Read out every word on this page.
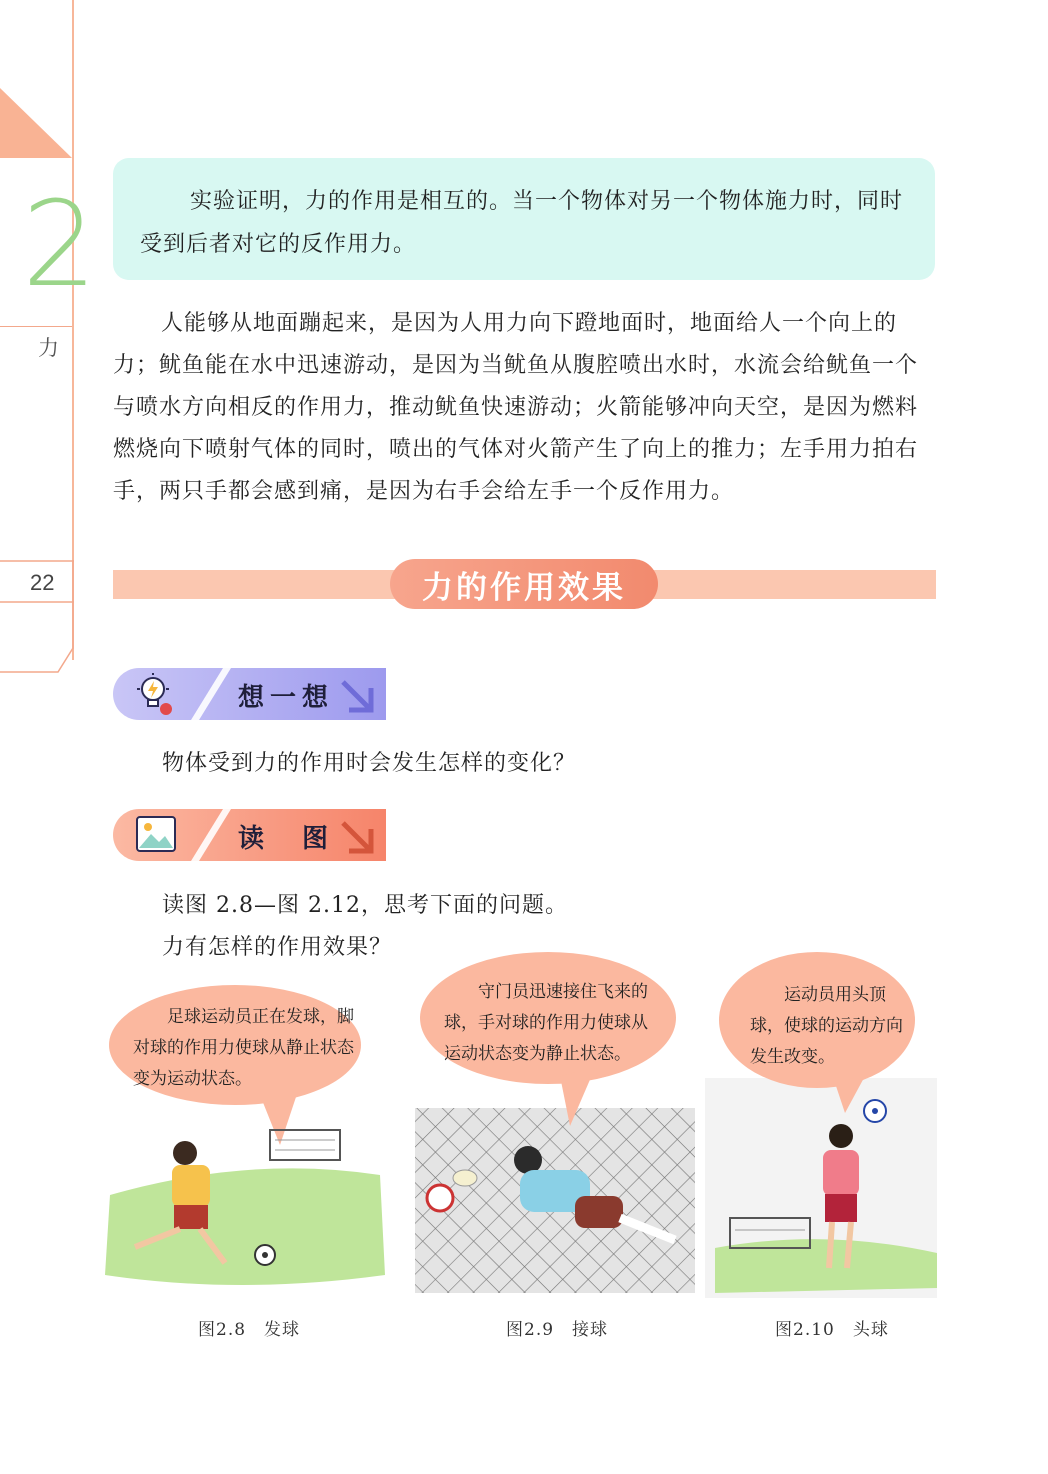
2
力
22
实验证明，力的作用是相互的。当一个物体对另一个物体施力时，同时受到后者对它的反作用力。
人能够从地面蹦起来，是因为人用力向下蹬地面时，地面给人一个向上的力；鱿鱼能在水中迅速游动，是因为当鱿鱼从腹腔喷出水时，水流会给鱿鱼一个与喷水方向相反的作用力，推动鱿鱼快速游动；火箭能够冲向天空，是因为燃料燃烧向下喷射气体的同时，喷出的气体对火箭产生了向上的推力；左手用力拍右手，两只手都会感到痛，是因为右手会给左手一个反作用力。
力的作用效果
想一想
物体受到力的作用时会发生怎样的变化？
读　图
读图 2.8—图 2.12，思考下面的问题。
力有怎样的作用效果？
足球运动员正在发球，脚对球的作用力使球从静止状态变为运动状态。
图2.8　发球
守门员迅速接住飞来的球，手对球的作用力使球从运动状态变为静止状态。
图2.9　接球
运动员用头顶球，使球的运动方向发生改变。
图2.10　头球
